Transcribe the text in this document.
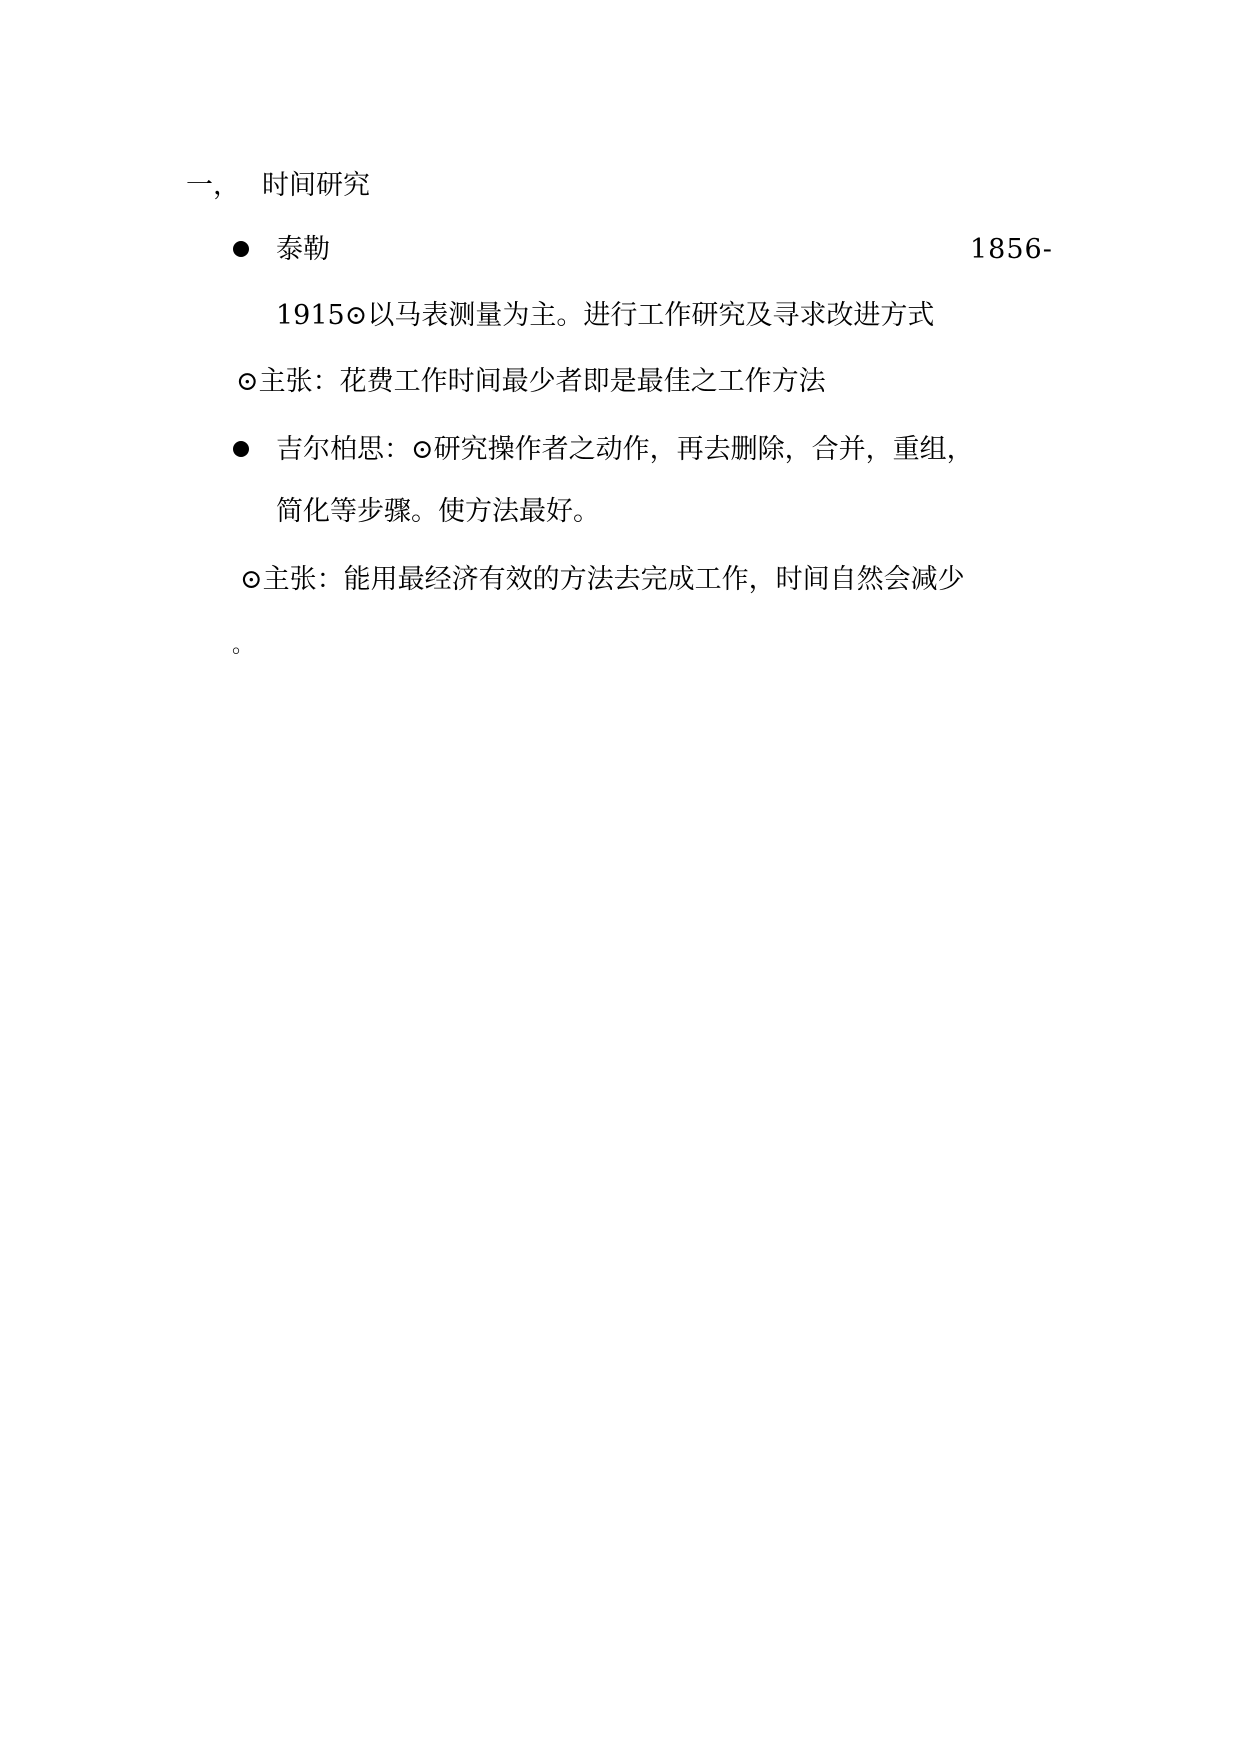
一， 时间研究
泰勒	1856-
1915⊙以马表测量为主。进行工作研究及寻求改进方式
⊙主张：花费工作时间最少者即是最佳之工作方法
吉尔柏思：⊙研究操作者之动作，再去删除，合并，重组，
简化等步骤。使方法最好。
⊙主张：能用最经济有效的方法去完成工作，时间自然会减少
。
